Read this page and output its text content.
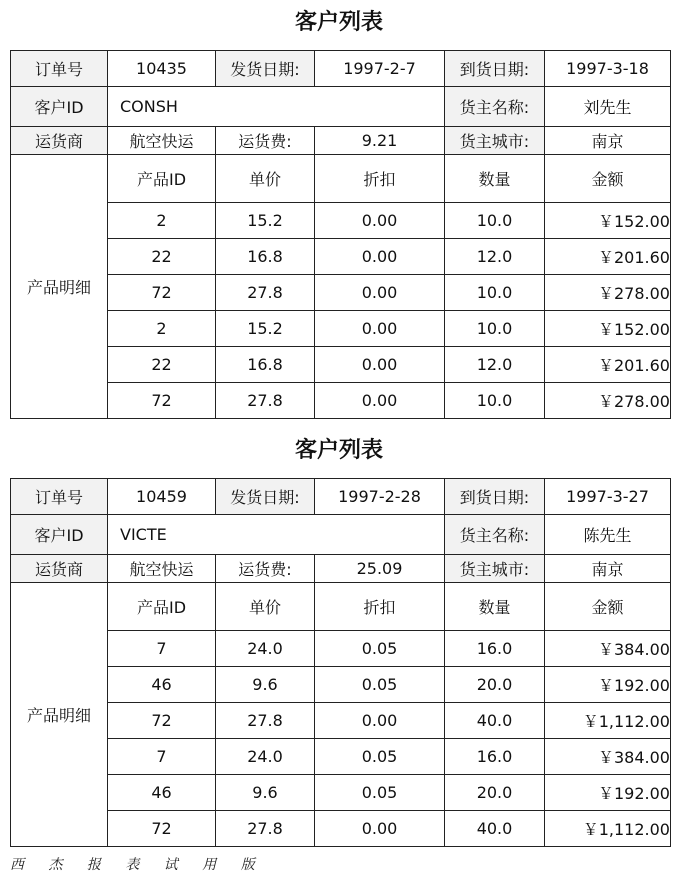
客户列表
订单号	10435	发货日期:	1997-2-7	到货日期:	1997-3-18
客户ID	CONSH			货主名称:	刘先生
运货商	航空快运	运货费:	9.21	货主城市:	南京
产品明细	产品ID	单价	折扣	数量	金额
	2	15.2	0.00	10.0	￥152.00
	22	16.8	0.00	12.0	￥201.60
	72	27.8	0.00	10.0	￥278.00
	2	15.2	0.00	10.0	￥152.00
	22	16.8	0.00	12.0	￥201.60
	72	27.8	0.00	10.0	￥278.00
客户列表
订单号	10459	发货日期:	1997-2-28	到货日期:	1997-3-27
客户ID	VICTE			货主名称:	陈先生
运货商	航空快运	运货费:	25.09	货主城市:	南京
产品明细	产品ID	单价	折扣	数量	金额
	7	24.0	0.05	16.0	￥384.00
	46	9.6	0.05	20.0	￥192.00
	72	27.8	0.00	40.0	￥1,112.00
	7	24.0	0.05	16.0	￥384.00
	46	9.6	0.05	20.0	￥192.00
	72	27.8	0.00	40.0	￥1,112.00
西 杰 报 表 试 用 版
